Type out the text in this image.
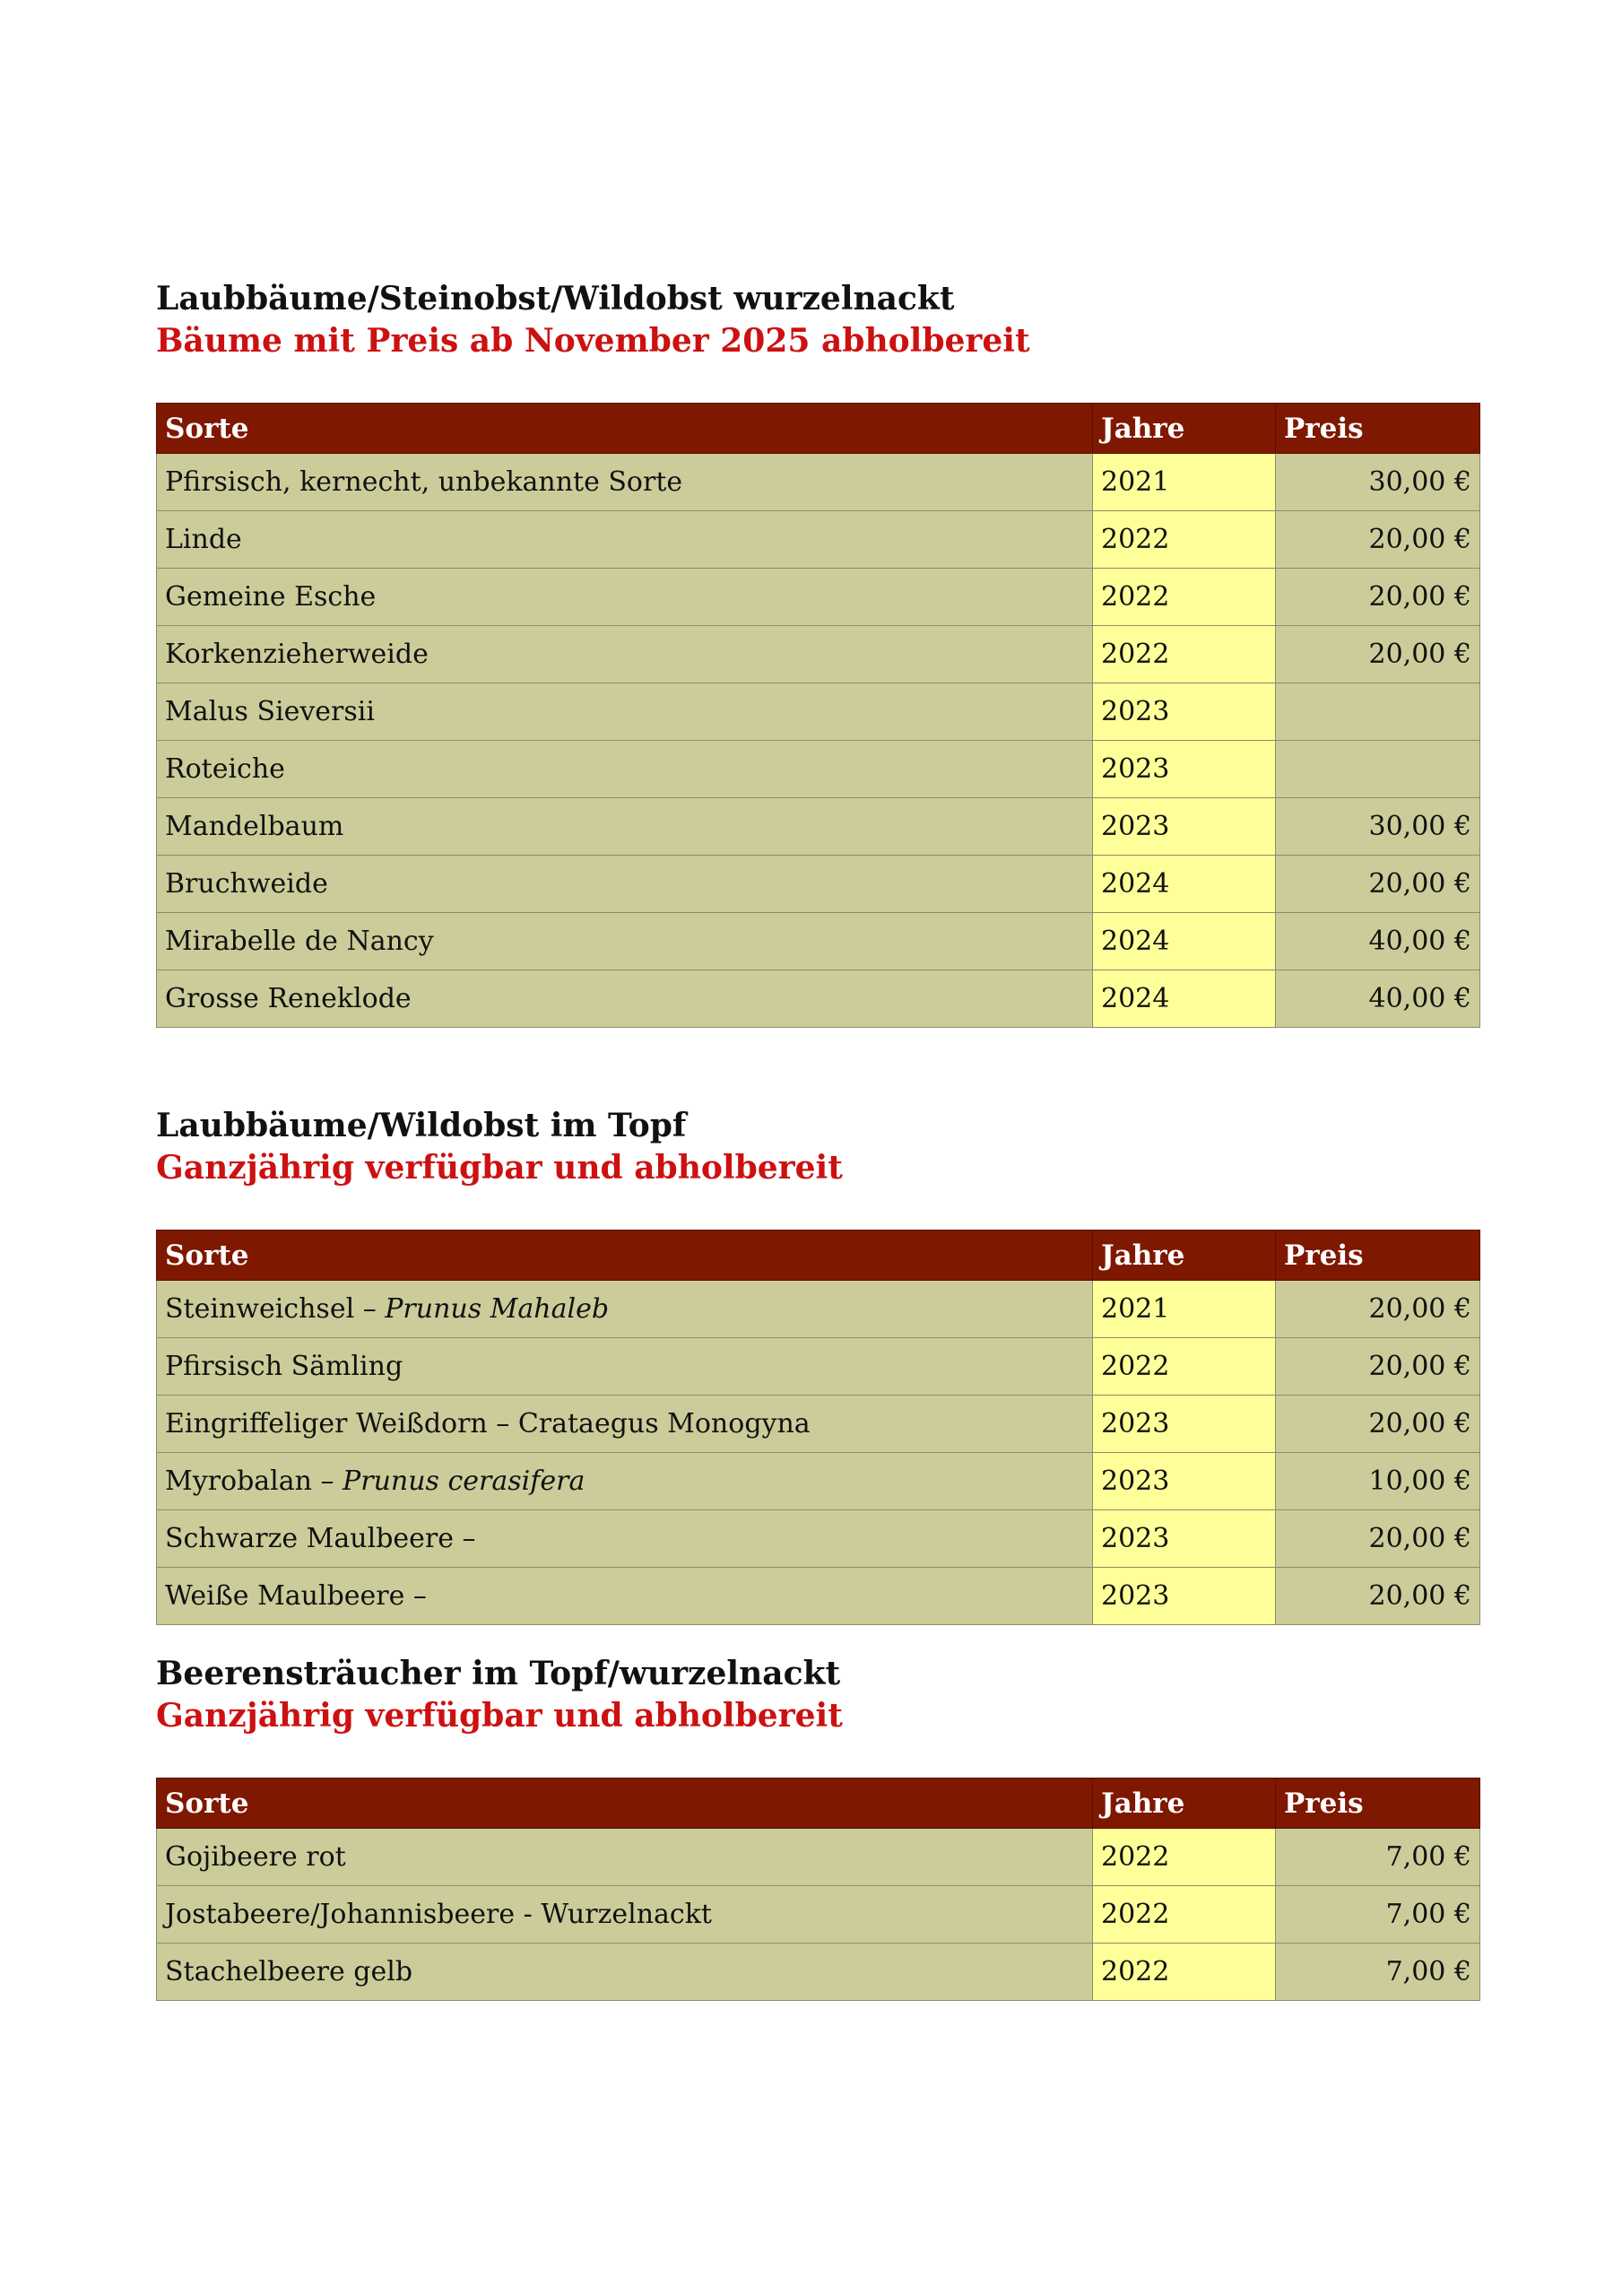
Laubbäume/Steinobst/Wildobst wurzelnackt
Bäume mit Preis ab November 2025 abholbereit
Sorte	Jahre	Preis
Pfirsisch, kernecht, unbekannte Sorte	2021	30,00 €
Linde	2022	20,00 €
Gemeine Esche	2022	20,00 €
Korkenzieherweide	2022	20,00 €
Malus Sieversii	2023	
Roteiche	2023	
Mandelbaum	2023	30,00 €
Bruchweide	2024	20,00 €
Mirabelle de Nancy	2024	40,00 €
Grosse Reneklode	2024	40,00 €
Laubbäume/Wildobst im Topf
Ganzjährig verfügbar und abholbereit
Sorte	Jahre	Preis
Steinweichsel – Prunus Mahaleb	2021	20,00 €
Pfirsisch Sämling	2022	20,00 €
Eingriffeliger Weißdorn – Crataegus Monogyna	2023	20,00 €
Myrobalan – Prunus cerasifera	2023	10,00 €
Schwarze Maulbeere –	2023	20,00 €
Weiße Maulbeere –	2023	20,00 €
Beerensträucher im Topf/wurzelnackt
Ganzjährig verfügbar und abholbereit
Sorte	Jahre	Preis
Gojibeere rot	2022	7,00 €
Jostabeere/Johannisbeere - Wurzelnackt	2022	7,00 €
Stachelbeere gelb	2022	7,00 €
